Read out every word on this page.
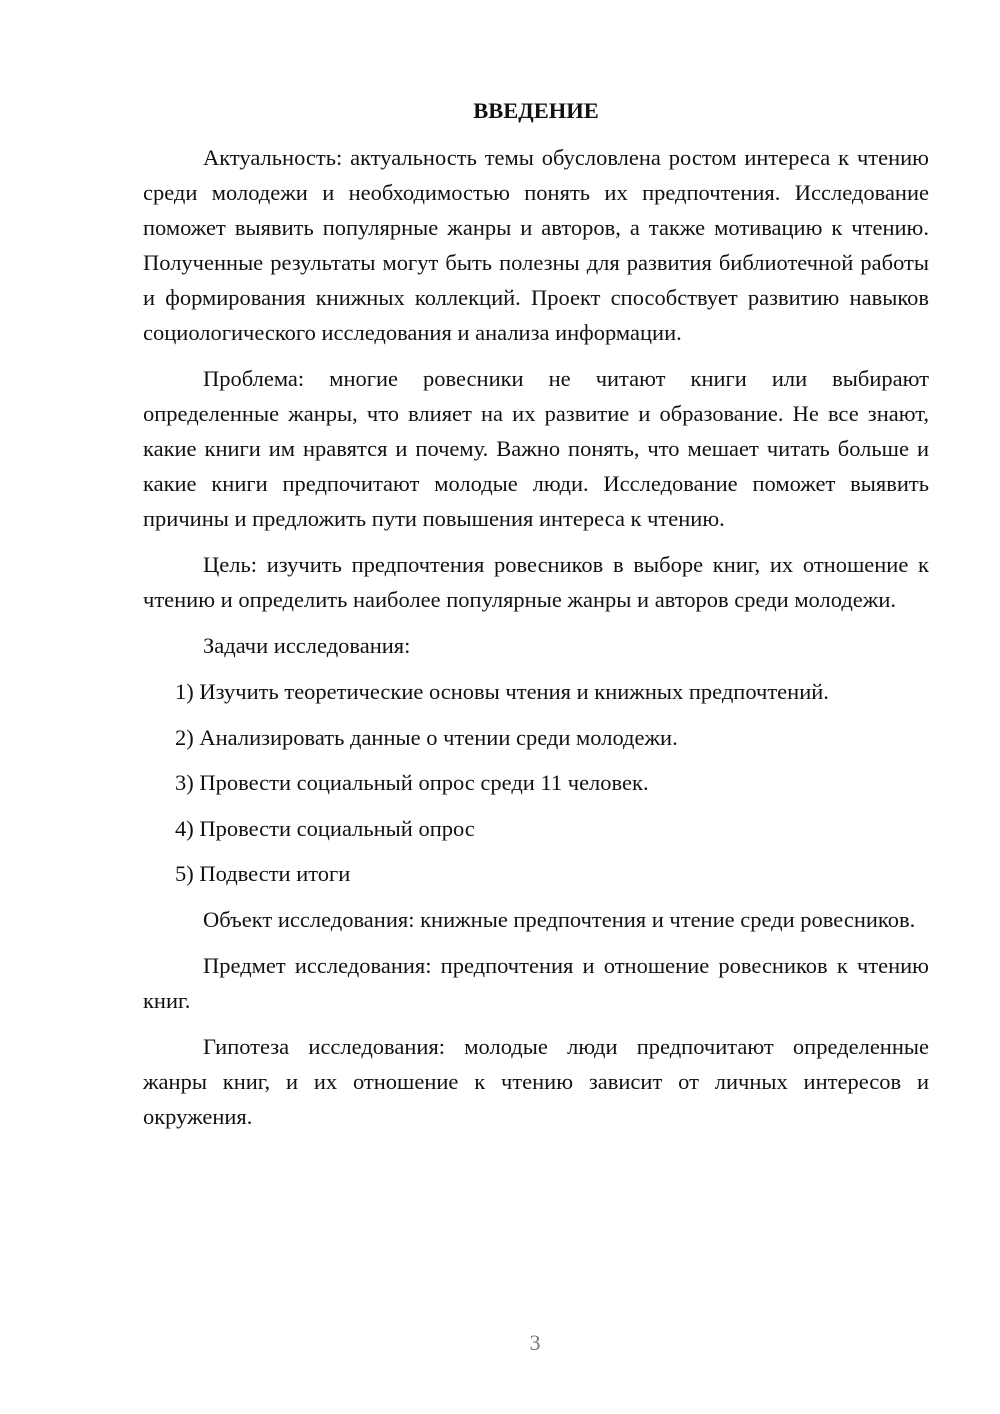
ВВЕДЕНИЕ

Актуальность: актуальность темы обусловлена ростом интереса к чтению среди молодежи и необходимостью понять их предпочтения. Исследование поможет выявить популярные жанры и авторов, а также мотивацию к чтению. Полученные результаты могут быть полезны для развития библиотечной работы и формирования книжных коллекций. Проект способствует развитию навыков социологического исследования и анализа информации.

Проблема: многие ровесники не читают книги или выбирают определенные жанры, что влияет на их развитие и образование. Не все знают, какие книги им нравятся и почему. Важно понять, что мешает читать больше и какие книги предпочитают молодые люди. Исследование поможет выявить причины и предложить пути повышения интереса к чтению.

Цель: изучить предпочтения ровесников в выборе книг, их отношение к чтению и определить наиболее популярные жанры и авторов среди молодежи.

Задачи исследования:

1) Изучить теоретические основы чтения и книжных предпочтений.
2) Анализировать данные о чтении среди молодежи.
3) Провести социальный опрос среди 11 человек.
4) Провести социальный опрос
5) Подвести итоги

Объект исследования: книжные предпочтения и чтение среди ровесников.

Предмет исследования: предпочтения и отношение ровесников к чтению книг.

Гипотеза исследования: молодые люди предпочитают определенные жанры книг, и их отношение к чтению зависит от личных интересов и окружения.

3
